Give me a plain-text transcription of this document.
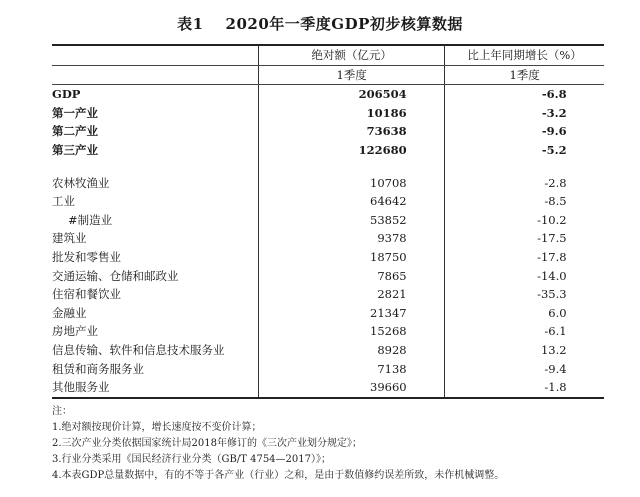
表1 2020年一季度GDP初步核算数据
	绝对额（亿元）	比上年同期增长（%）
	1季度	1季度
GDP	206504	-6.8
第一产业	10186	-3.2
第二产业	73638	-9.6
第三产业	122680	-5.2

农林牧渔业	10708	-2.8
工业	64642	-8.5
#制造业	53852	-10.2
建筑业	9378	-17.5
批发和零售业	18750	-17.8
交通运输、仓储和邮政业	7865	-14.0
住宿和餐饮业	2821	-35.3
金融业	21347	6.0
房地产业	15268	-6.1
信息传输、软件和信息技术服务业	8928	13.2
租赁和商务服务业	7138	-9.4
其他服务业	39660	-1.8
注：
1.绝对额按现价计算，增长速度按不变价计算；
2.三次产业分类依据国家统计局2018年修订的《三次产业划分规定》；
3.行业分类采用《国民经济行业分类（GB/T 4754—2017）》；
4.本表GDP总量数据中，有的不等于各产业（行业）之和，是由于数值修约误差所致，未作机械调整。
